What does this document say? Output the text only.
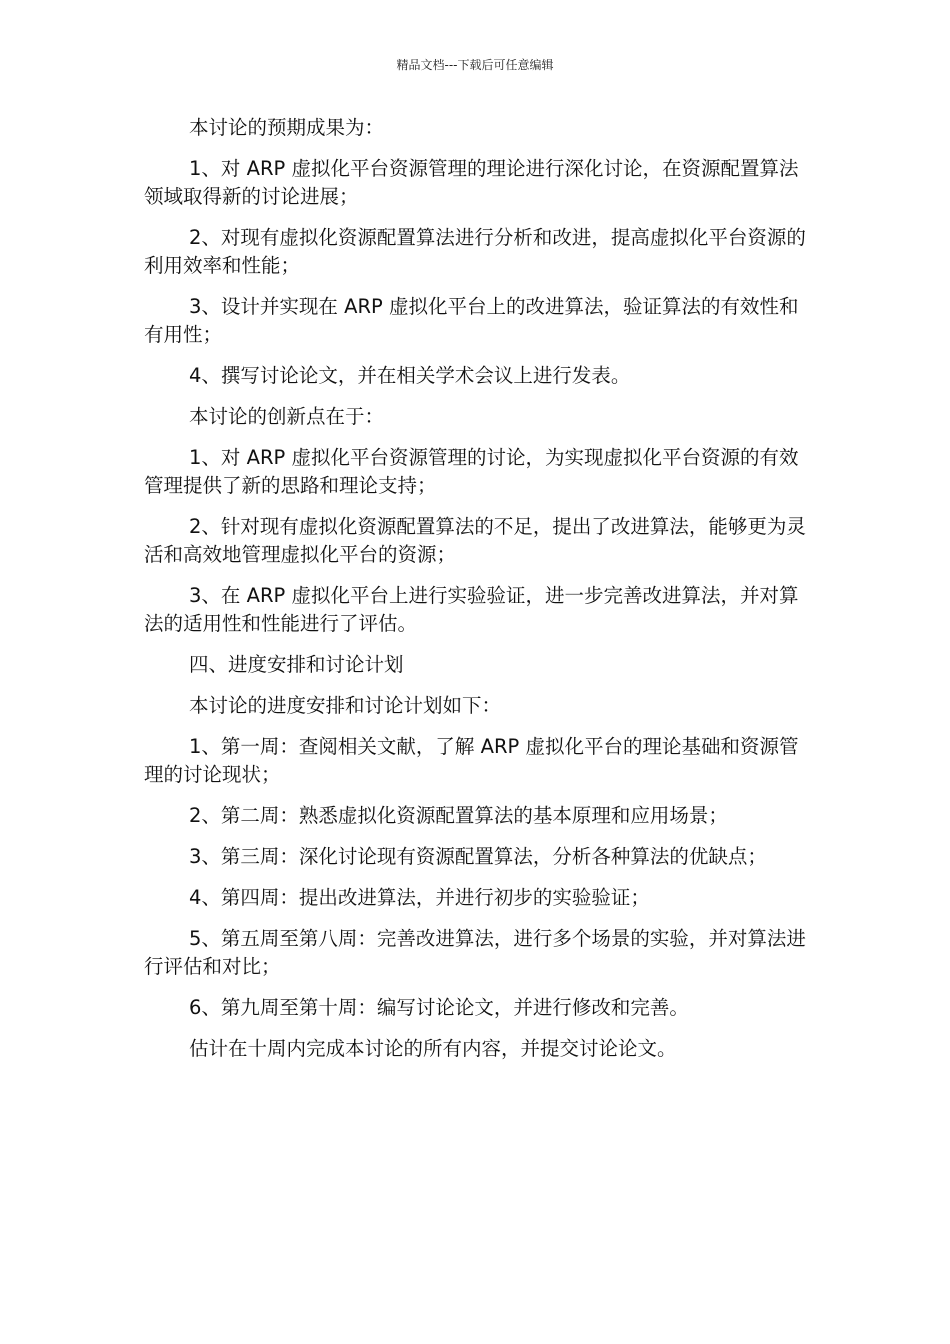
精品文档---下载后可任意编辑

本讨论的预期成果为：

1、对 ARP 虚拟化平台资源管理的理论进行深化讨论，在资源配置算法领域取得新的讨论进展；

2、对现有虚拟化资源配置算法进行分析和改进，提高虚拟化平台资源的利用效率和性能；

3、设计并实现在 ARP 虚拟化平台上的改进算法，验证算法的有效性和有用性；

4、撰写讨论论文，并在相关学术会议上进行发表。

本讨论的创新点在于：

1、对 ARP 虚拟化平台资源管理的讨论，为实现虚拟化平台资源的有效管理提供了新的思路和理论支持；

2、针对现有虚拟化资源配置算法的不足，提出了改进算法，能够更为灵活和高效地管理虚拟化平台的资源；

3、在 ARP 虚拟化平台上进行实验验证，进一步完善改进算法，并对算法的适用性和性能进行了评估。

四、进度安排和讨论计划

本讨论的进度安排和讨论计划如下：

1、第一周：查阅相关文献，了解 ARP 虚拟化平台的理论基础和资源管理的讨论现状；

2、第二周：熟悉虚拟化资源配置算法的基本原理和应用场景；

3、第三周：深化讨论现有资源配置算法，分析各种算法的优缺点；

4、第四周：提出改进算法，并进行初步的实验验证；

5、第五周至第八周：完善改进算法，进行多个场景的实验，并对算法进行评估和对比；

6、第九周至第十周：编写讨论论文，并进行修改和完善。

估计在十周内完成本讨论的所有内容，并提交讨论论文。
